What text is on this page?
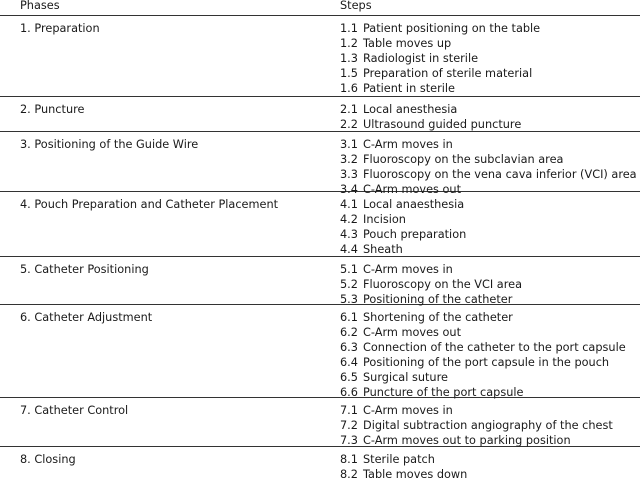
Phases	Steps
1. Preparation	1.1 Patient positioning on the table
1.2 Table moves up
1.3 Radiologist in sterile
1.5 Preparation of sterile material
1.6 Patient in sterile
2. Puncture	2.1 Local anesthesia
2.2 Ultrasound guided puncture
3. Positioning of the Guide Wire	3.1 C-Arm moves in
3.2 Fluoroscopy on the subclavian area
3.3 Fluoroscopy on the vena cava inferior (VCI) area
3.4 C-Arm moves out
4. Pouch Preparation and Catheter Placement	4.1 Local anaesthesia
4.2 Incision
4.3 Pouch preparation
4.4 Sheath
5. Catheter Positioning	5.1 C-Arm moves in
5.2 Fluoroscopy on the VCI area
5.3 Positioning of the catheter
6. Catheter Adjustment	6.1 Shortening of the catheter
6.2 C-Arm moves out
6.3 Connection of the catheter to the port capsule
6.4 Positioning of the port capsule in the pouch
6.5 Surgical suture
6.6 Puncture of the port capsule
7. Catheter Control	7.1 C-Arm moves in
7.2 Digital subtraction angiography of the chest
7.3 C-Arm moves out to parking position
8. Closing	8.1 Sterile patch
8.2 Table moves down
